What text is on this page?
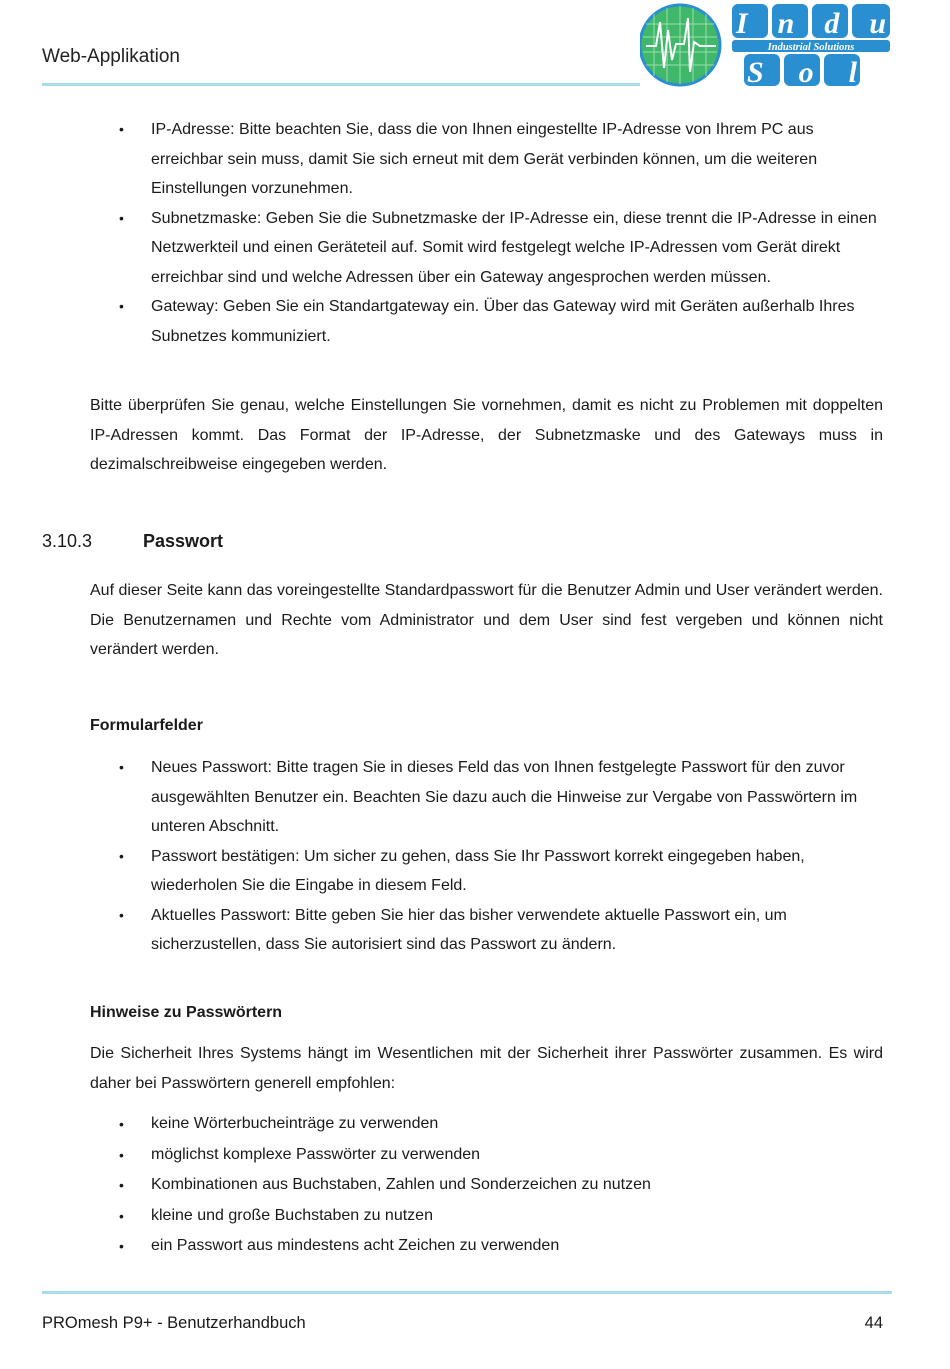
Web-Applikation
Indu
Industrial Solutions
Sol
• IP-Adresse: Bitte beachten Sie, dass die von Ihnen eingestellte IP-Adresse von Ihrem PC aus erreichbar sein muss, damit Sie sich erneut mit dem Gerät verbinden können, um die weiteren Einstellungen vorzunehmen.
• Subnetzmaske: Geben Sie die Subnetzmaske der IP-Adresse ein, diese trennt die IP-Adresse in einen Netzwerkteil und einen Geräteteil auf. Somit wird festgelegt welche IP-Adressen vom Gerät direkt erreichbar sind und welche Adressen über ein Gateway angesprochen werden müssen.
• Gateway: Geben Sie ein Standartgateway ein. Über das Gateway wird mit Geräten außerhalb Ihres Subnetzes kommuniziert.

Bitte überprüfen Sie genau, welche Einstellungen Sie vornehmen, damit es nicht zu Problemen mit doppelten IP-Adressen kommt. Das Format der IP-Adresse, der Subnetzmaske und des Gateways muss in dezimalschreibweise eingegeben werden.

3.10.3	Passwort

Auf dieser Seite kann das voreingestellte Standardpasswort für die Benutzer Admin und User verändert werden. Die Benutzernamen und Rechte vom Administrator und dem User sind fest vergeben und können nicht verändert werden.

Formularfelder
• Neues Passwort: Bitte tragen Sie in dieses Feld das von Ihnen festgelegte Passwort für den zuvor ausgewählten Benutzer ein. Beachten Sie dazu auch die Hinweise zur Vergabe von Passwörtern im unteren Abschnitt.
• Passwort bestätigen: Um sicher zu gehen, dass Sie Ihr Passwort korrekt eingegeben haben, wiederholen Sie die Eingabe in diesem Feld.
• Aktuelles Passwort: Bitte geben Sie hier das bisher verwendete aktuelle Passwort ein, um sicherzustellen, dass Sie autorisiert sind das Passwort zu ändern.
Hinweise zu Passwörtern

Die Sicherheit Ihres Systems hängt im Wesentlichen mit der Sicherheit ihrer Passwörter zusammen. Es wird daher bei Passwörtern generell empfohlen:

• keine Wörterbucheinträge zu verwenden
• möglichst komplexe Passwörter zu verwenden
• Kombinationen aus Buchstaben, Zahlen und Sonderzeichen zu nutzen
• kleine und große Buchstaben zu nutzen
• ein Passwort aus mindestens acht Zeichen zu verwenden
PROmesh P9+ - Benutzerhandbuch	44
